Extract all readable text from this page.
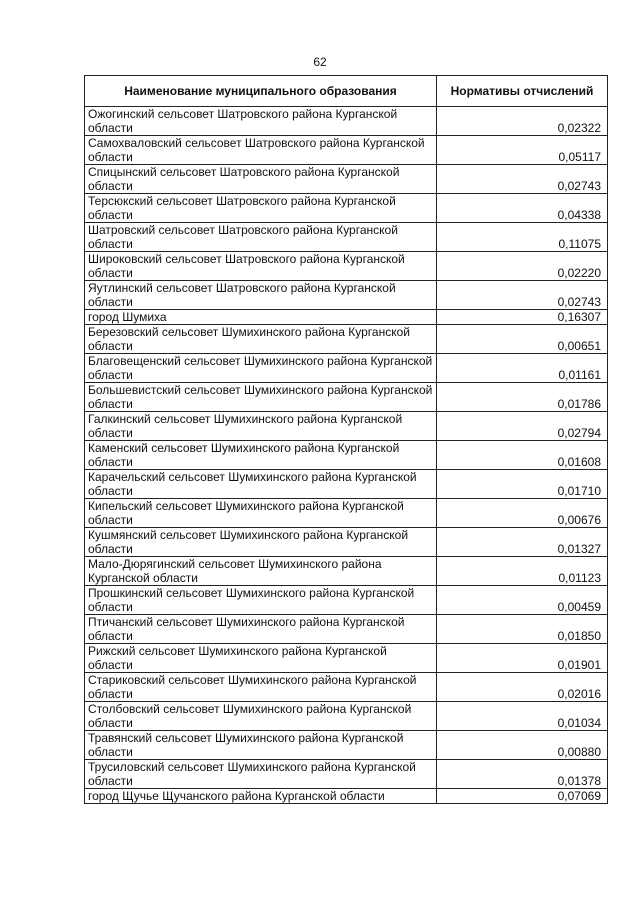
62
Наименование муниципального образования	Нормативы отчислений
Ожогинский сельсовет Шатровского района Курганской области	0,02322
Самохваловский сельсовет Шатровского района Курганской области	0,05117
Спицынский сельсовет Шатровского района Курганской области	0,02743
Терсюкский сельсовет Шатровского района Курганской области	0,04338
Шатровский сельсовет Шатровского района Курганской области	0,11075
Широковский сельсовет Шатровского района Курганской области	0,02220
Яутлинский сельсовет Шатровского района Курганской области	0,02743
город Шумиха	0,16307
Березовский сельсовет Шумихинского района Курганской области	0,00651
Благовещенский сельсовет Шумихинского района Курганской области	0,01161
Большевистский сельсовет Шумихинского района Курганской области	0,01786
Галкинский сельсовет Шумихинского района Курганской области	0,02794
Каменский сельсовет Шумихинского района Курганской области	0,01608
Карачельский сельсовет Шумихинского района Курганской области	0,01710
Кипельский сельсовет Шумихинского района Курганской области	0,00676
Кушмянский сельсовет Шумихинского района Курганской области	0,01327
Мало-Дюрягинский сельсовет Шумихинского района Курганской области	0,01123
Прошкинский сельсовет Шумихинского района Курганской области	0,00459
Птичанский сельсовет Шумихинского района Курганской области	0,01850
Рижский сельсовет Шумихинского района Курганской области	0,01901
Стариковский сельсовет Шумихинского района Курганской области	0,02016
Столбовский сельсовет Шумихинского района Курганской области	0,01034
Травянский сельсовет Шумихинского района Курганской области	0,00880
Трусиловский сельсовет Шумихинского района Курганской области	0,01378
город Щучье Щучанского района Курганской области	0,07069
